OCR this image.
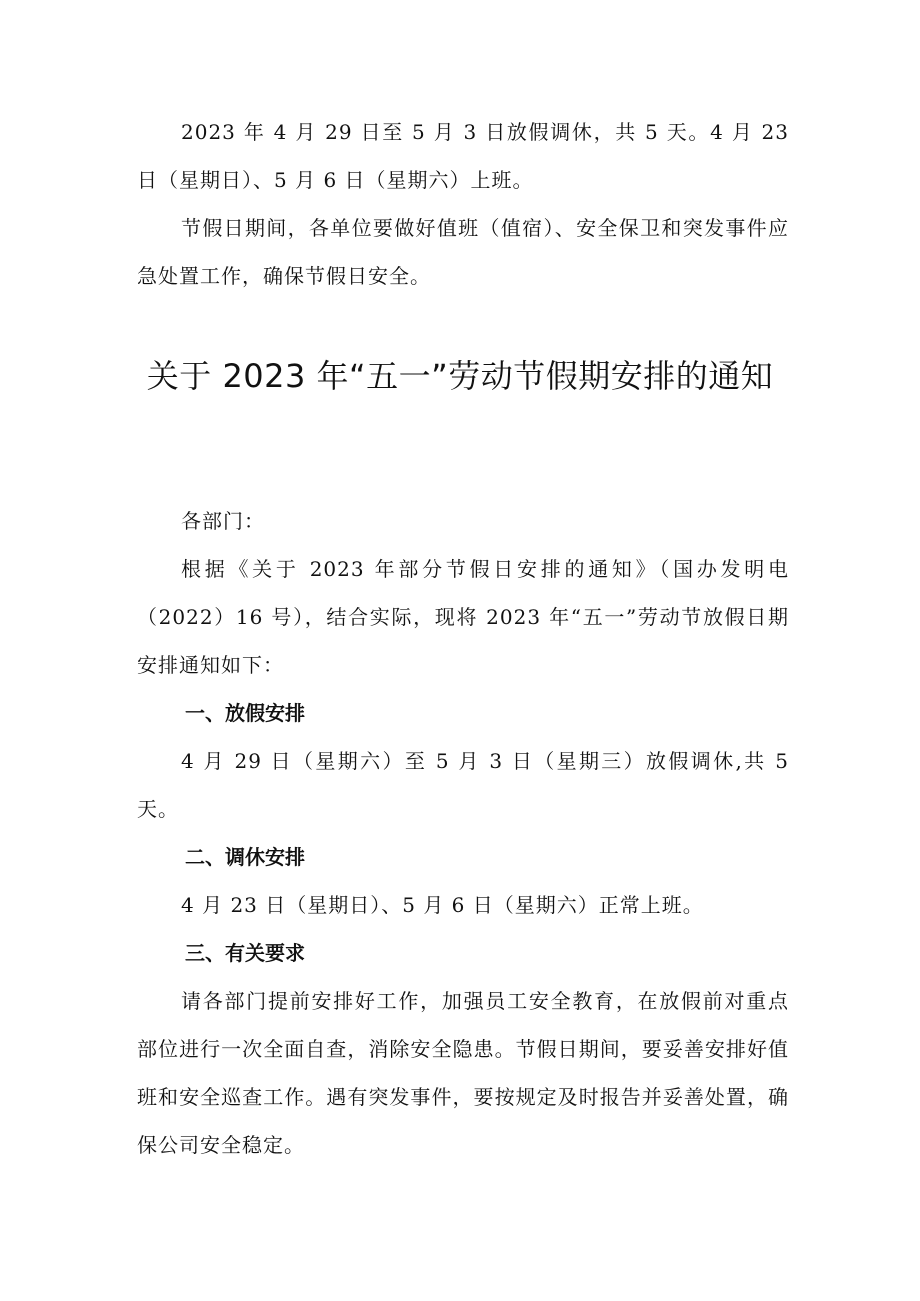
2023 年 4 月 29 日至 5 月 3 日放假调休，共 5 天。4 月 23 日（星期日）、5 月 6 日（星期六）上班。

节假日期间，各单位要做好值班（值宿）、安全保卫和突发事件应急处置工作，确保节假日安全。

关于 2023 年“五一”劳动节假期安排的通知

各部门：

根据《关于 2023 年部分节假日安排的通知》（国办发明电（2022）16 号），结合实际，现将 2023 年“五一”劳动节放假日期安排通知如下：

一、放假安排

4 月 29 日（星期六）至 5 月 3 日（星期三）放假调休,共 5 天。

二、调休安排

4 月 23 日（星期日）、5 月 6 日（星期六）正常上班。

三、有关要求

请各部门提前安排好工作，加强员工安全教育，在放假前对重点部位进行一次全面自查，消除安全隐患。节假日期间，要妥善安排好值班和安全巡查工作。遇有突发事件，要按规定及时报告并妥善处置，确保公司安全稳定。
